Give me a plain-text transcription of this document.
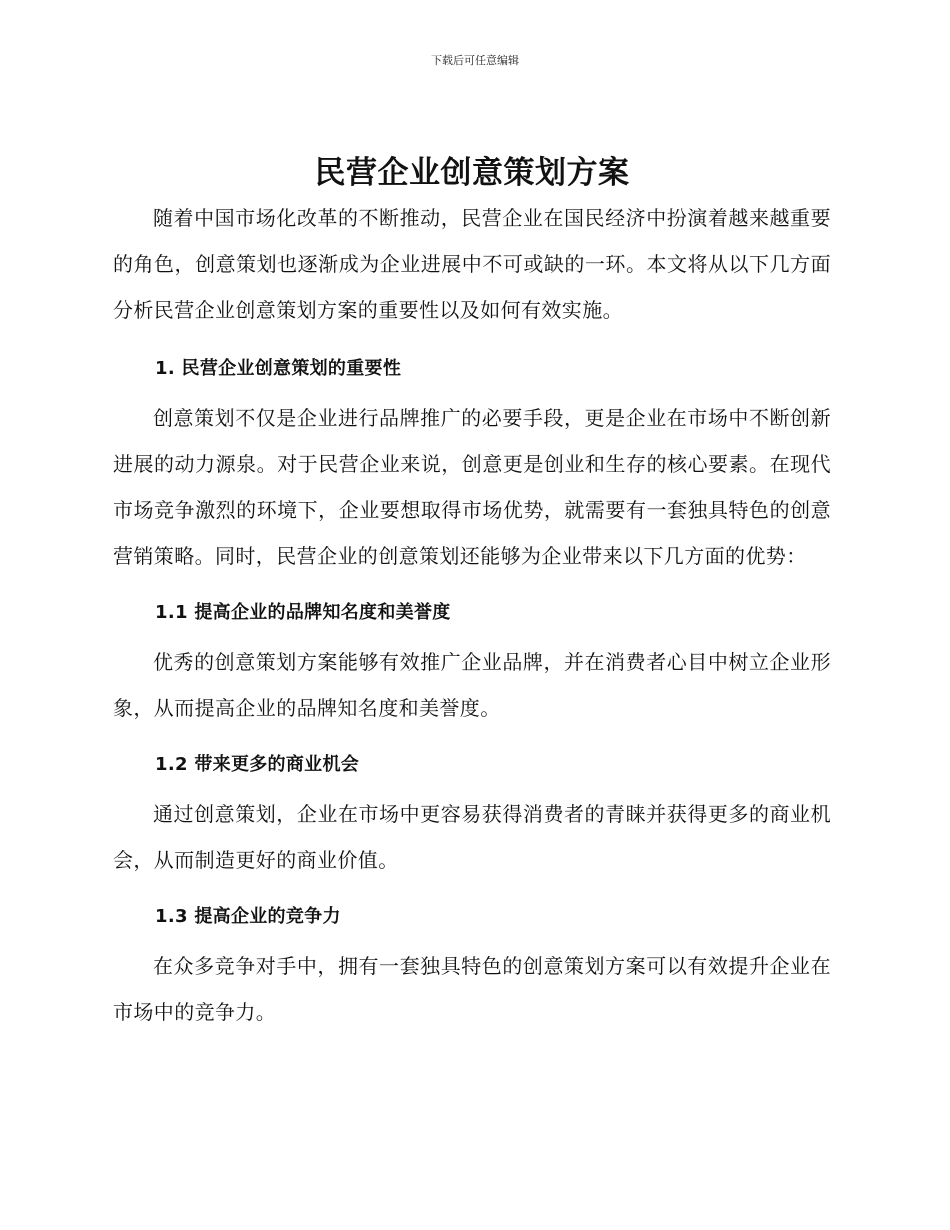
下载后可任意编辑
民营企业创意策划方案

随着中国市场化改革的不断推动，民营企业在国民经济中扮演着越来越重要的角色，创意策划也逐渐成为企业进展中不可或缺的一环。本文将从以下几方面分析民营企业创意策划方案的重要性以及如何有效实施。

1. 民营企业创意策划的重要性

创意策划不仅是企业进行品牌推广的必要手段，更是企业在市场中不断创新进展的动力源泉。对于民营企业来说，创意更是创业和生存的核心要素。在现代市场竞争激烈的环境下，企业要想取得市场优势，就需要有一套独具特色的创意营销策略。同时，民营企业的创意策划还能够为企业带来以下几方面的优势：

1.1 提高企业的品牌知名度和美誉度

优秀的创意策划方案能够有效推广企业品牌，并在消费者心目中树立企业形象，从而提高企业的品牌知名度和美誉度。

1.2 带来更多的商业机会

通过创意策划，企业在市场中更容易获得消费者的青睐并获得更多的商业机会，从而制造更好的商业价值。

1.3 提高企业的竞争力

在众多竞争对手中，拥有一套独具特色的创意策划方案可以有效提升企业在市场中的竞争力。
